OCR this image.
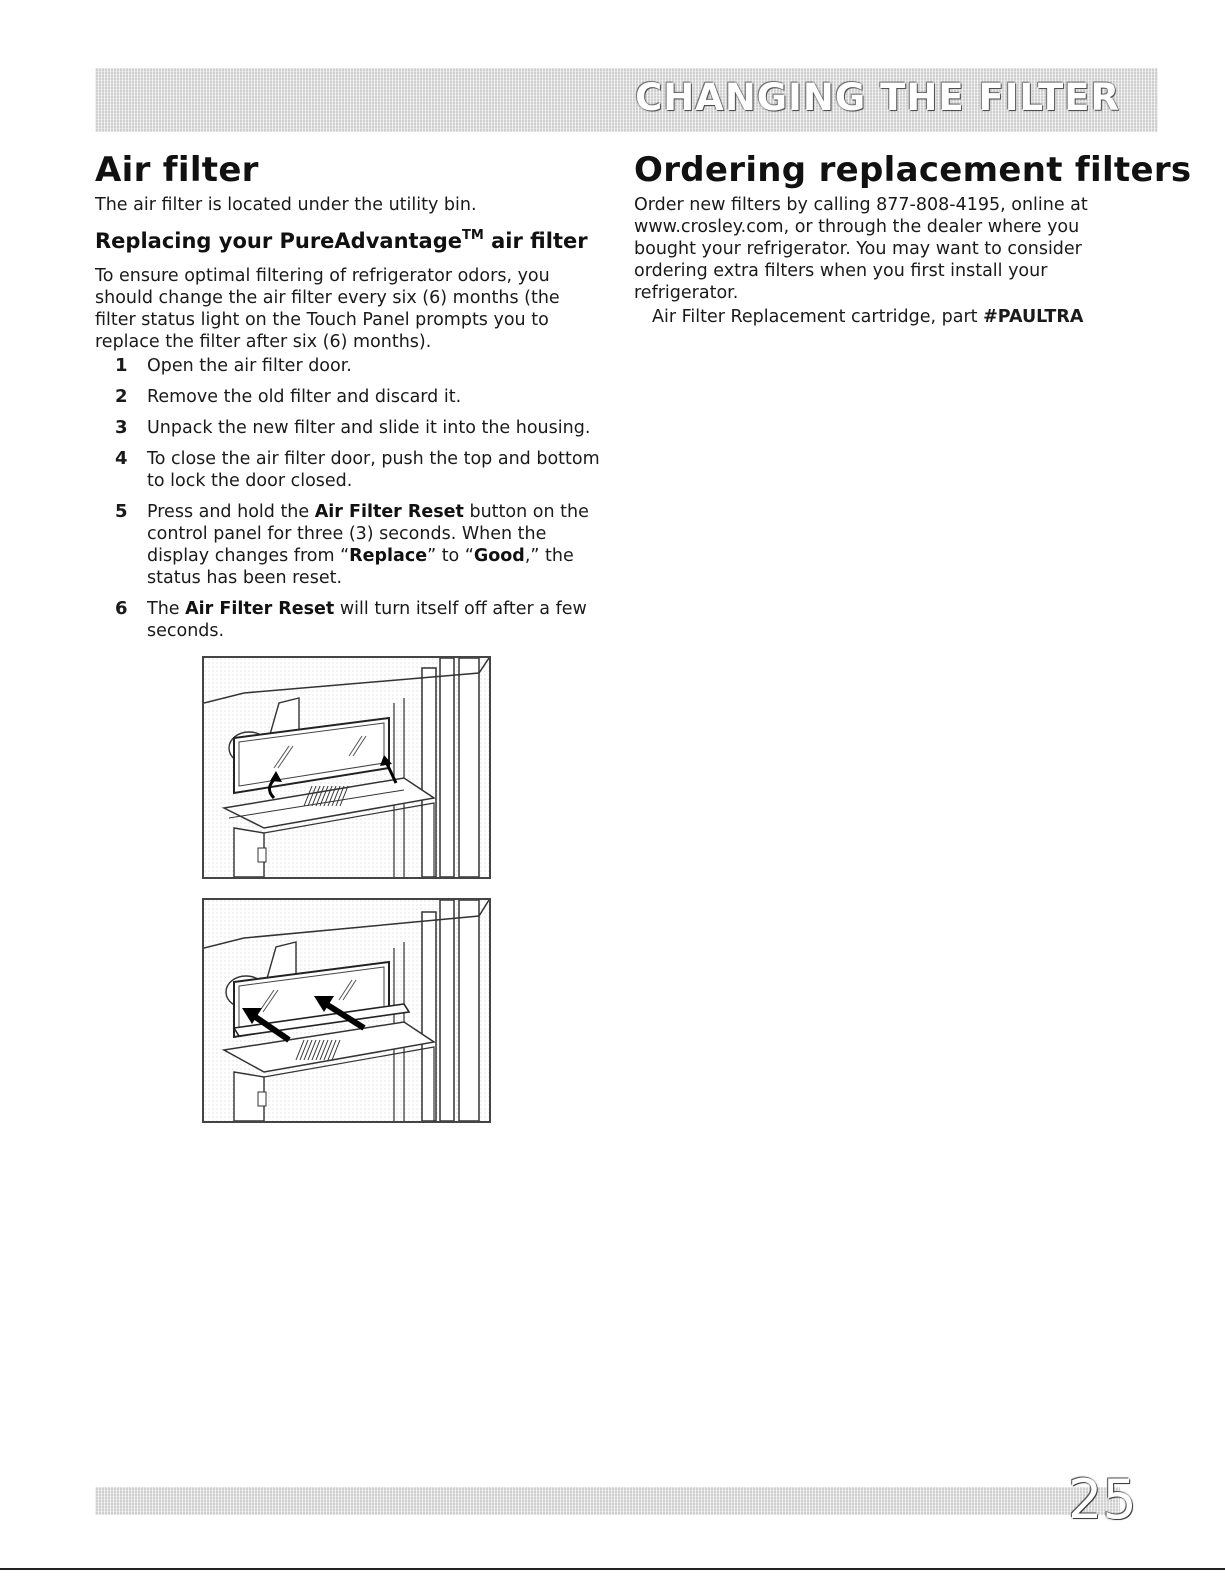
CHANGING THE FILTER
Air filter

The air filter is located under the utility bin.

Replacing your PureAdvantage™ air filter

To ensure optimal filtering of refrigerator odors, you should change the air filter every six (6) months (the filter status light on the Touch Panel prompts you to replace the filter after six (6) months).

1 Open the air filter door.
2 Remove the old filter and discard it.
3 Unpack the new filter and slide it into the housing.
4 To close the air filter door, push the top and bottom to lock the door closed.
5 Press and hold the Air Filter Reset button on the control panel for three (3) seconds. When the display changes from “Replace” to “Good,” the status has been reset.
6 The Air Filter Reset will turn itself off after a few seconds.
Ordering replacement filters

Order new filters by calling 877-808-4195, online at www.crosley.com, or through the dealer where you bought your refrigerator. You may want to consider ordering extra filters when you first install your refrigerator.

Air Filter Replacement cartridge, part #PAULTRA

25
